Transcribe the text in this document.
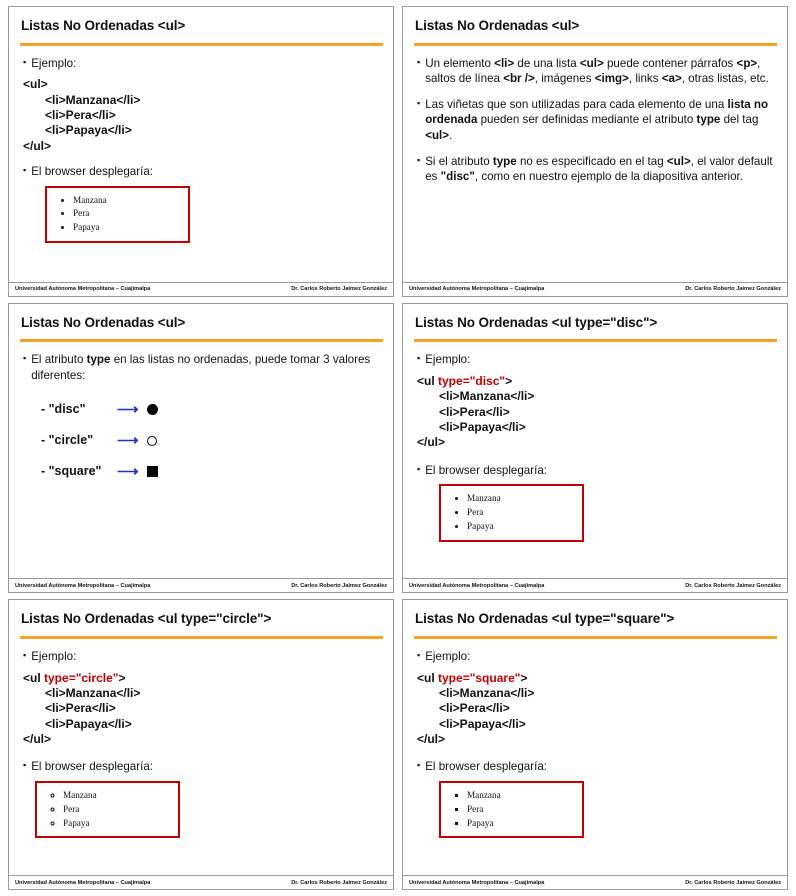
Listas No Ordenadas <ul>
▪ Ejemplo:
<ul>
<li>Manzana</li>
<li>Pera</li>
<li>Papaya</li>
</ul>
▪ El browser desplegaría:
• Manzana
• Pera
• Papaya
Universidad Autónoma Metropolitana – Cuajimalpa	Dr. Carlos Roberto Jaimez González
Listas No Ordenadas <ul>
▪ Un elemento <li> de una lista <ul> puede contener párrafos <p>, saltos de línea <br />, imágenes <img>, links <a>, otras listas, etc.
▪ Las viñetas que son utilizadas para cada elemento de una lista no ordenada pueden ser definidas mediante el atributo type del tag <ul>.
▪ Si el atributo type no es especificado en el tag <ul>, el valor default es "disc", como en nuestro ejemplo de la diapositiva anterior.
Universidad Autónoma Metropolitana – Cuajimalpa	Dr. Carlos Roberto Jaimez González
Listas No Ordenadas <ul>
▪ El atributo type en las listas no ordenadas, puede tomar 3 valores diferentes:
- "disc"	⟶
- "circle"	⟶
- "square"	⟶
Universidad Autónoma Metropolitana – Cuajimalpa	Dr. Carlos Roberto Jaimez González
Listas No Ordenadas <ul type="disc">
▪ Ejemplo:
<ul type="disc">
<li>Manzana</li>
<li>Pera</li>
<li>Papaya</li>
</ul>
▪ El browser desplegaría:
• Manzana
• Pera
• Papaya
Universidad Autónoma Metropolitana – Cuajimalpa	Dr. Carlos Roberto Jaimez González
Listas No Ordenadas <ul type="circle">
▪ Ejemplo:
<ul type="circle">
<li>Manzana</li>
<li>Pera</li>
<li>Papaya</li>
</ul>
▪ El browser desplegaría:
◦ Manzana
◦ Pera
◦ Papaya
Universidad Autónoma Metropolitana – Cuajimalpa	Dr. Carlos Roberto Jaimez González
Listas No Ordenadas <ul type="square">
▪ Ejemplo:
<ul type="square">
<li>Manzana</li>
<li>Pera</li>
<li>Papaya</li>
</ul>
▪ El browser desplegaría:
▪ Manzana
▪ Pera
▪ Papaya
Universidad Autónoma Metropolitana – Cuajimalpa	Dr. Carlos Roberto Jaimez González
